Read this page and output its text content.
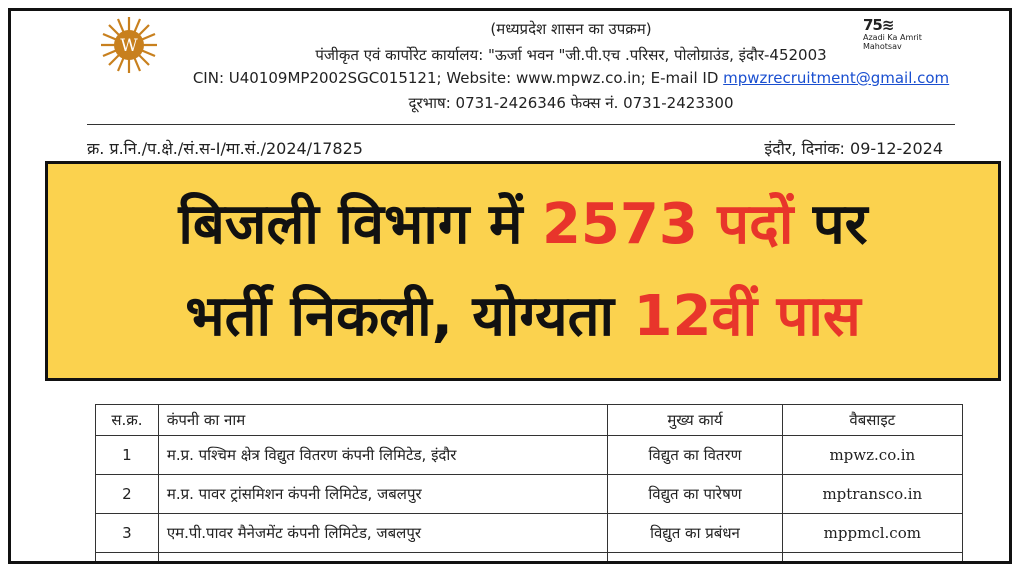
W
75≋
Azadi Ka Amrit Mahotsav
(मध्यप्रदेश शासन का उपक्रम)
पंजीकृत एवं कार्पोरेट कार्यालय: "ऊर्जा भवन "जी.पी.एच .परिसर, पोलोग्राउंड, इंदौर-452003
CIN: U40109MP2002SGC015121; Website: www.mpwz.co.in; E-mail ID mpwzrecruitment@gmail.com
दूरभाष: 0731-2426346 फेक्स नं. 0731-2423300
क्र. प्र.नि./प.क्षे./सं.स-I/मा.सं./2024/17825	इंदौर, दिनांक: 09-12-2024
बिजली विभाग में 2573 पदों पर
भर्ती निकली, योग्यता 12वीं पास
स.क्र.	कंपनी का नाम	मुख्य कार्य	वैबसाइट
1	म.प्र. पश्चिम क्षेत्र विद्युत वितरण कंपनी लिमिटेड, इंदौर	विद्युत का वितरण	mpwz.co.in
2	म.प्र. पावर ट्रांसमिशन कंपनी लिमिटेड, जबलपुर	विद्युत का पारेषण	mptransco.in
3	एम.पी.पावर मैनेजमेंट कंपनी लिमिटेड, जबलपुर	विद्युत का प्रबंधन	mppmcl.com
